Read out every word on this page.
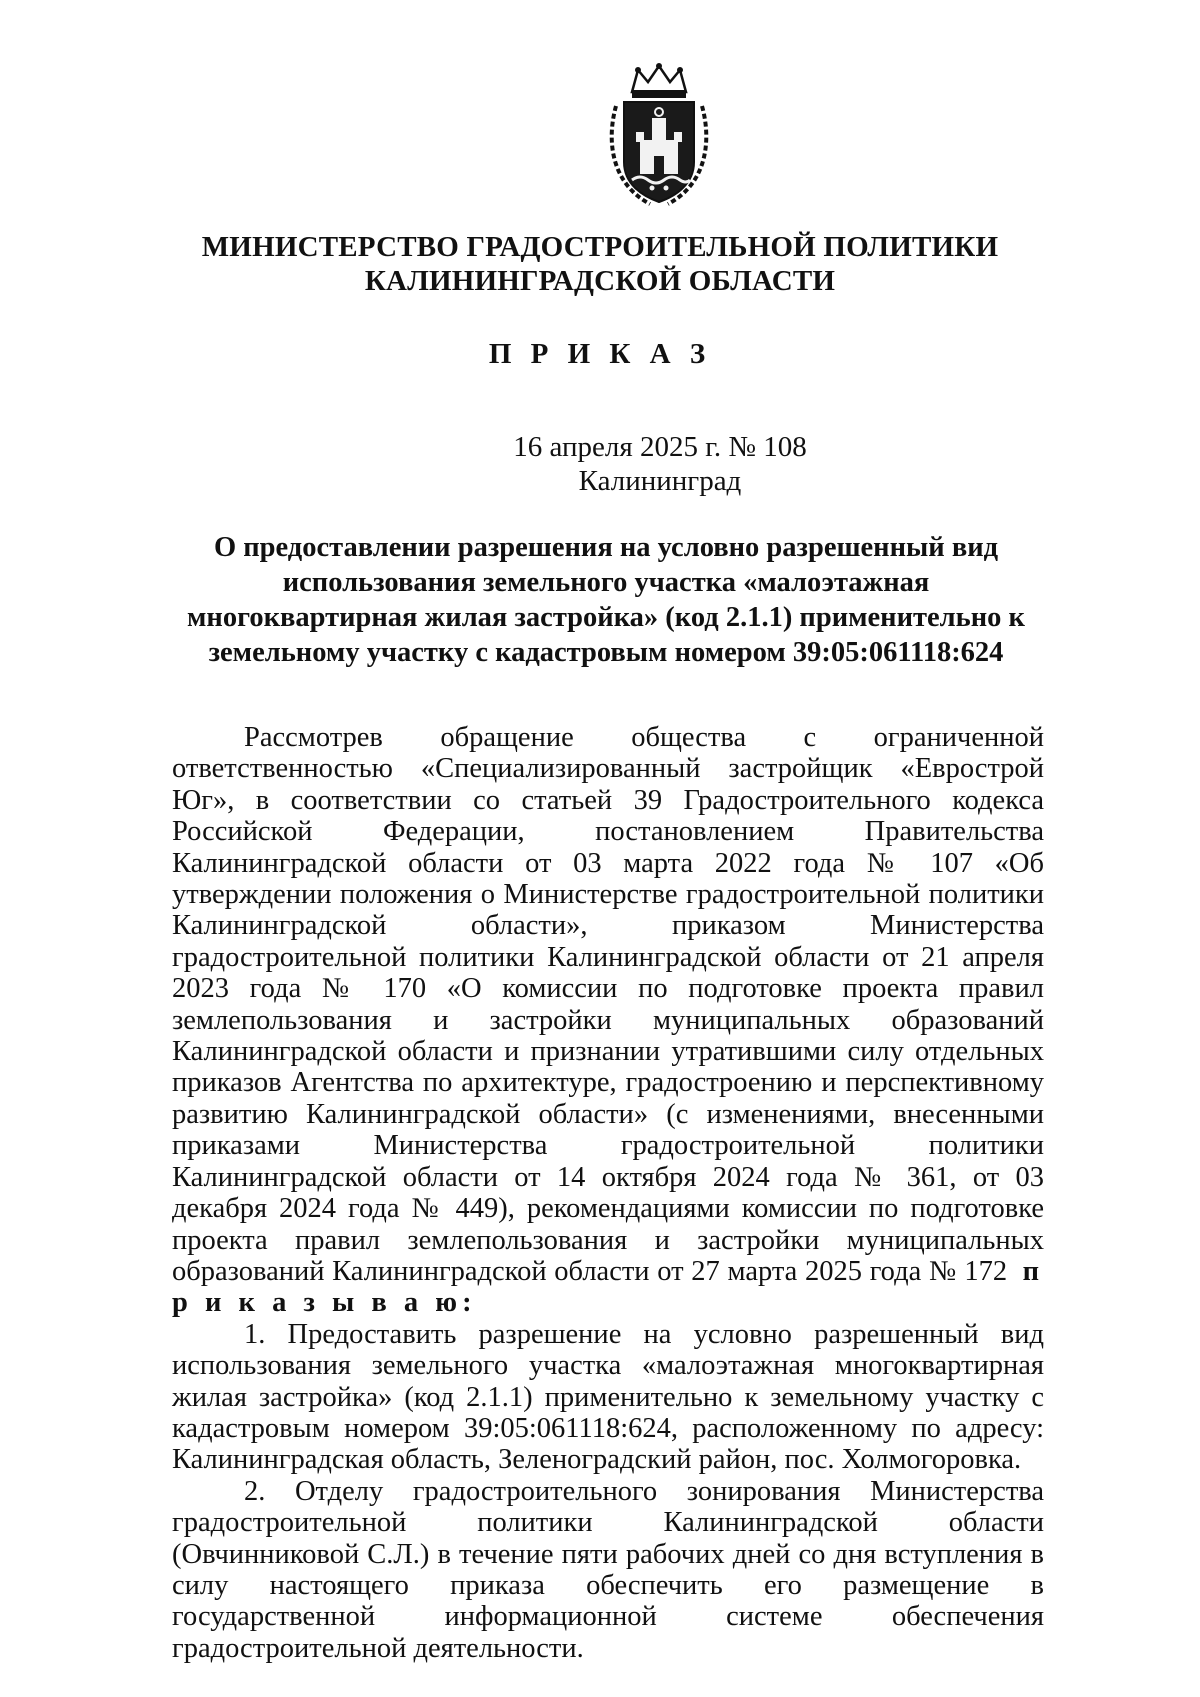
МИНИСТЕРСТВО ГРАДОСТРОИТЕЛЬНОЙ ПОЛИТИКИ
КАЛИНИНГРАДСКОЙ ОБЛАСТИ
П Р И К А З
16 апреля 2025 г. № 108
Калининград
О предоставлении разрешения на условно разрешенный вид использования земельного участка «малоэтажная многоквартирная жилая застройка» (код 2.1.1) применительно к земельному участку с кадастровым номером 39:05:061118:624

Рассмотрев обращение общества с ограниченной ответственностью «Специализированный застройщик «Еврострой Юг», в соответствии со статьей 39 Градостроительного кодекса Российской Федерации, постановлением Правительства Калининградской области от 03 марта 2022 года № 107 «Об утверждении положения о Министерстве градостроительной политики Калининградской области», приказом Министерства градостроительной политики Калининградской области от 21 апреля 2023 года № 170 «О комиссии по подготовке проекта правил землепользования и застройки муниципальных образований Калининградской области и признании утратившими силу отдельных приказов Агентства по архитектуре, градостроению и перспективному развитию Калининградской области» (с изменениями, внесенными приказами Министерства градостроительной политики Калининградской области от 14 октября 2024 года № 361, от 03 декабря 2024 года № 449), рекомендациями комиссии по подготовке проекта правил землепользования и застройки муниципальных образований Калининградской области от 27 марта 2025 года № 172 п р и к а з ы в а ю:

1. Предоставить разрешение на условно разрешенный вид использования земельного участка «малоэтажная многоквартирная жилая застройка» (код 2.1.1) применительно к земельному участку с кадастровым номером 39:05:061118:624, расположенному по адресу: Калининградская область, Зеленоградский район, пос. Холмогоровка.

2. Отделу градостроительного зонирования Министерства градостроительной политики Калининградской области (Овчинниковой С.Л.) в течение пяти рабочих дней со дня вступления в силу настоящего приказа обеспечить его размещение в государственной информационной системе обеспечения градостроительной деятельности.
